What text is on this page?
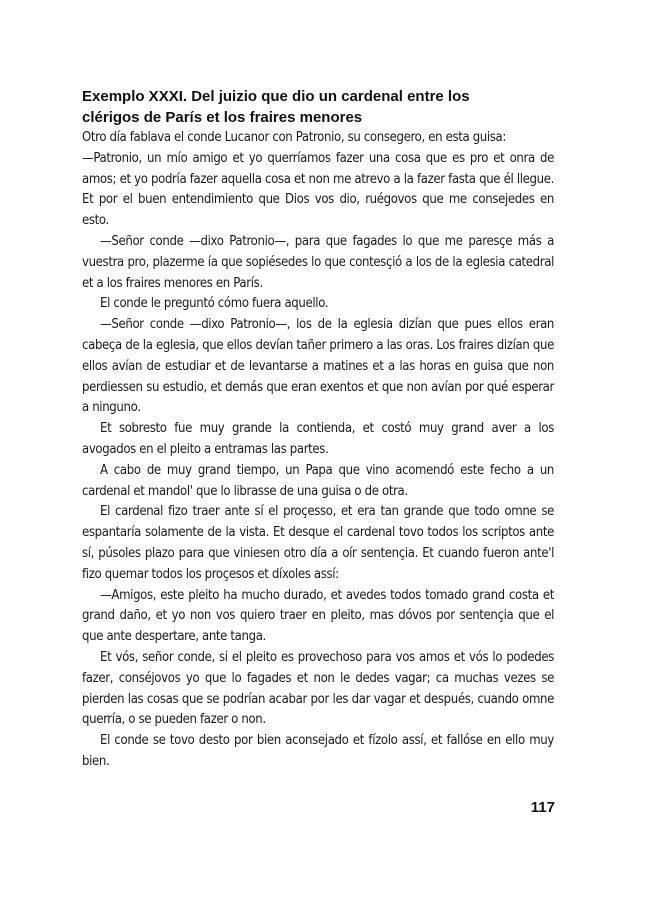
Exemplo XXXI. Del juizio que dio un cardenal entre los
clérigos de París et los fraires menores

Otro día fablava el conde Lucanor con Patronio, su consegero, en esta guisa:

—Patronio, un mío amigo et yo querríamos fazer una cosa que es pro et onra de amos; et yo podría fazer aquella cosa et non me atrevo a la fazer fasta que él llegue. Et por el buen entendimiento que Dios vos dio, ruégovos que me consejedes en esto.

—Señor conde —dixo Patronio—, para que fagades lo que me paresçe más a vuestra pro, plazerme ía que sopiésedes lo que contesçió a los de la eglesia catedral et a los fraires menores en París.

El conde le preguntó cómo fuera aquello.

—Señor conde —dixo Patronio—, los de la eglesia dizían que pues ellos eran cabeça de la eglesia, que ellos devían tañer primero a las oras. Los fraires dizían que ellos avían de estudiar et de levantarse a matines et a las horas en guisa que non perdiessen su estudio, et demás que eran exentos et que non avían por qué esperar a ninguno.

Et sobresto fue muy grande la contienda, et costó muy grand aver a los avogados en el pleito a entramas las partes.

A cabo de muy grand tiempo, un Papa que vino acomendó este fecho a un cardenal et mandol' que lo librasse de una guisa o de otra.

El cardenal fizo traer ante sí el proçesso, et era tan grande que todo omne se espantaría solamente de la vista. Et desque el cardenal tovo todos los scriptos ante sí, púsoles plazo para que viniesen otro día a oír sentençia. Et cuando fueron ante'l fizo quemar todos los proçesos et díxoles assí:

—Amigos, este pleito ha mucho durado, et avedes todos tomado grand costa et grand daño, et yo non vos quiero traer en pleito, mas dóvos por sentençia que el que ante despertare, ante tanga.

Et vós, señor conde, si el pleito es provechoso para vos amos et vós lo podedes fazer, conséjovos yo que lo fagades et non le dedes vagar; ca muchas vezes se pierden las cosas que se podrían acabar por les dar vagar et después, cuando omne querría, o se pueden fazer o non.

El conde se tovo desto por bien aconsejado et fízolo assí, et fallóse en ello muy bien.

117
